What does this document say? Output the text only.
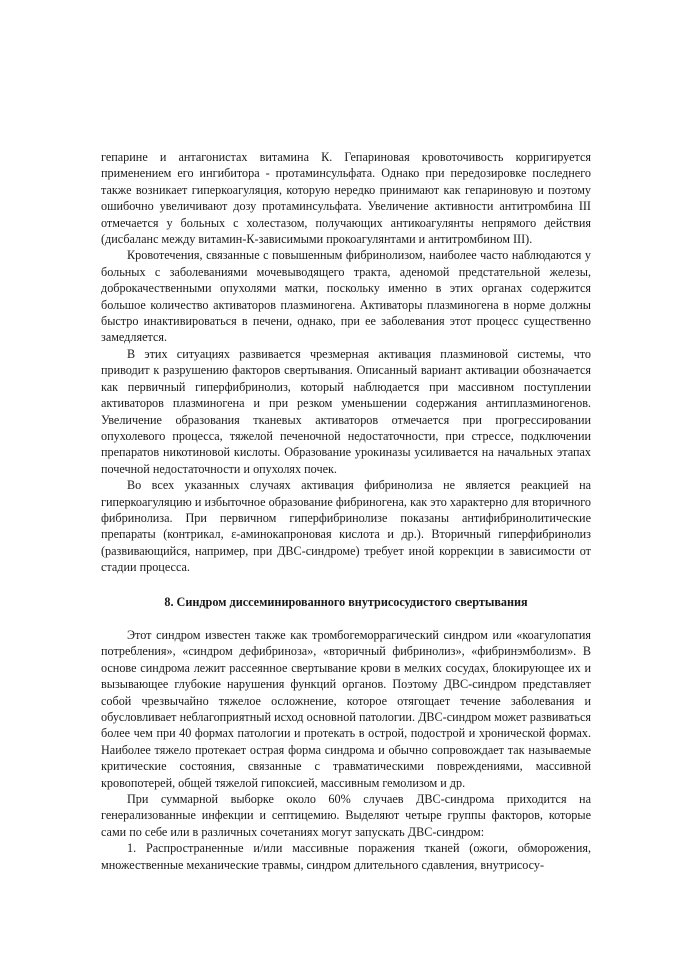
гепарине и антагонистах витамина К. Гепариновая кровоточивость корригируется применением его ингибитора - протаминсульфата. Однако при передозировке последнего также возникает гиперкоагуляция, которую нередко принимают как гепариновую и поэтому ошибочно увеличивают дозу протаминсульфата. Увеличение активности антитромбина III отмечается у больных с холестазом, получающих антикоагулянты непрямого действия (дисбаланс между витамин-К-зависимыми прокоагулянтами и антитромбином III).

Кровотечения, связанные с повышенным фибринолизом, наиболее часто наблюдаются у больных с заболеваниями мочевыводящего тракта, аденомой предстательной железы, доброкачественными опухолями матки, поскольку именно в этих органах содержится большое количество активаторов плазминогена. Активаторы плазминогена в норме должны быстро инактивироваться в печени, однако, при ее заболевания этот процесс существенно замедляется.

В этих ситуациях развивается чрезмерная активация плазминовой системы, что приводит к разрушению факторов свертывания. Описанный вариант активации обозначается как первичный гиперфибринолиз, который наблюдается при массивном поступлении активаторов плазминогена и при резком уменьшении содержания антиплазминогенов. Увеличение образования тканевых активаторов отмечается при прогрессировании опухолевого процесса, тяжелой печеночной недостаточности, при стрессе, подключении препаратов никотиновой кислоты. Образование урокиназы усиливается на начальных этапах почечной недостаточности и опухолях почек.

Во всех указанных случаях активация фибринолиза не является реакцией на гиперкоагуляцию и избыточное образование фибриногена, как это характерно для вторичного фибринолиза. При первичном гиперфибринолизе показаны антифибринолитические препараты (контрикал, ε-аминокапроновая кислота и др.). Вторичный гиперфибринолиз (развивающийся, например, при ДВС-синдроме) требует иной коррекции в зависимости от стадии процесса.

8. Синдром диссеминированного внутрисосудистого свертывания

Этот синдром известен также как тромбогеморрагический синдром или «коагулопатия потребления», «синдром дефибриноза», «вторичный фибринолиз», «фибринэмболизм». В основе синдрома лежит рассеянное свертывание крови в мелких сосудах, блокирующее их и вызывающее глубокие нарушения функций органов. Поэтому ДВС-синдром представляет собой чрезвычайно тяжелое осложнение, которое отягощает течение заболевания и обусловливает неблагоприятный исход основной патологии. ДВС-синдром может развиваться более чем при 40 формах патологии и протекать в острой, подострой и хронической формах. Наиболее тяжело протекает острая форма синдрома и обычно сопровождает так называемые критические состояния, связанные с травматическими повреждениями, массивной кровопотерей, общей тяжелой гипоксией, массивным гемолизом и др.

При суммарной выборке около 60% случаев ДВС-синдрома приходится на генерализованные инфекции и септицемию. Выделяют четыре группы факторов, которые сами по себе или в различных сочетаниях могут запускать ДВС-синдром:

1. Распространенные и/или массивные поражения тканей (ожоги, обморожения, множественные механические травмы, синдром длительного сдавления, внутрисосу-
